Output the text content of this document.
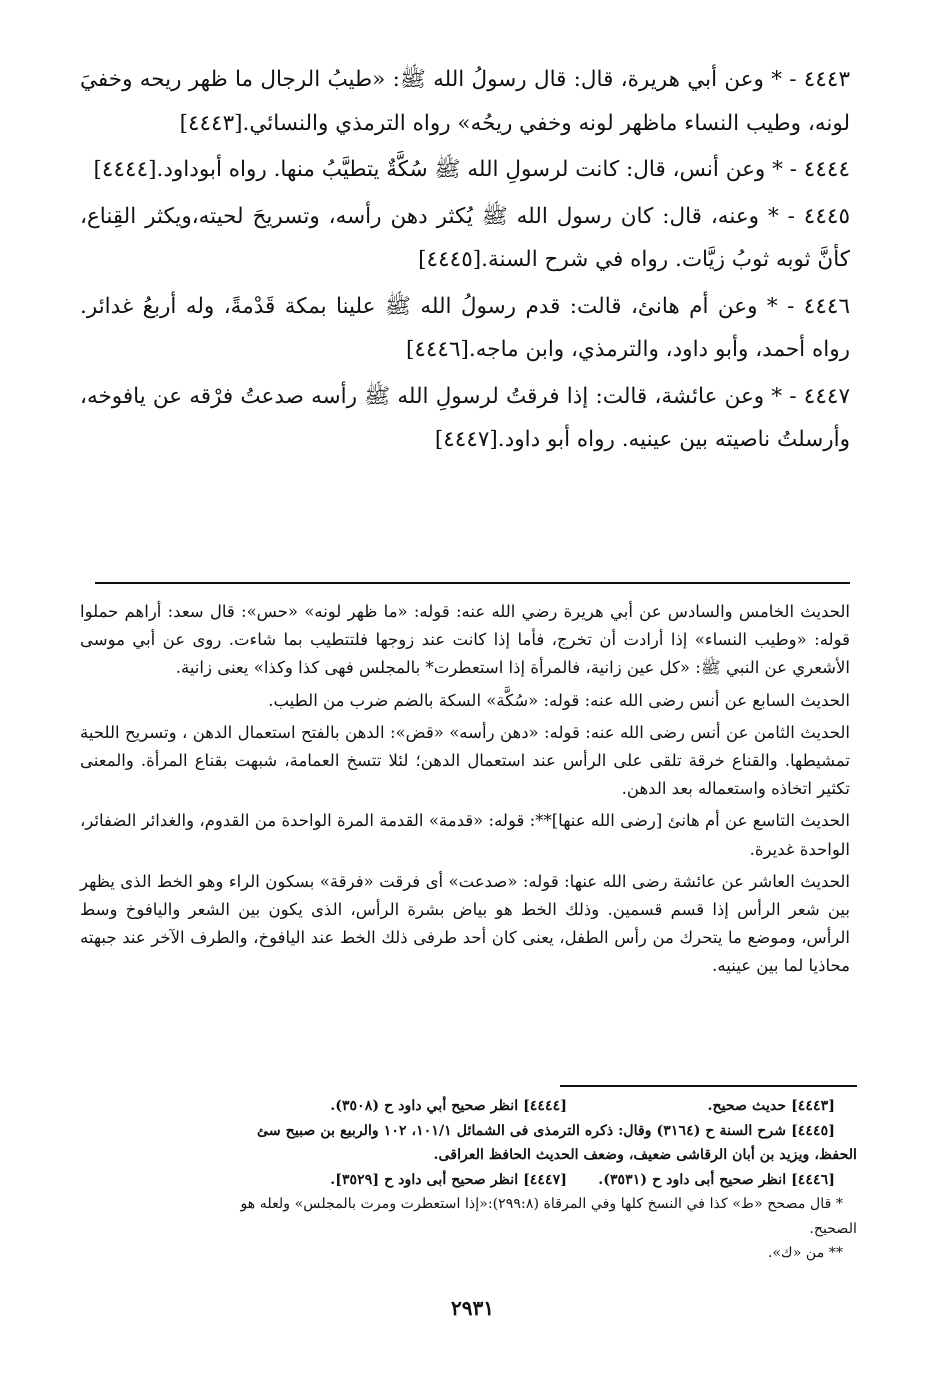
٤٤٤٣ - * وعن أبي هريرة، قال: قال رسولُ الله ﷺ: «طيبُ الرجال ما ظهر ريحه وخفيَ لونه، وطيب النساء ماظهر لونه وخفي ريحُه» رواه الترمذي والنسائي.[٤٤٤٣]

٤٤٤٤ - * وعن أنس، قال: كانت لرسولِ الله ﷺ سُكَّةٌ يتطيَّبُ منها. رواه أبوداود.[٤٤٤٤]

٤٤٤٥ - * وعنه، قال: كان رسول الله ﷺ يُكثر دهن رأسه، وتسريحَ لحيته،ويكثر القِناع، كأنَّ ثوبه ثوبُ زيَّات. رواه في شرح السنة.[٤٤٤٥]

٤٤٤٦ - * وعن أم هانئ، قالت: قدم رسولُ الله ﷺ علينا بمكة قَدْمةً، وله أربعُ غدائر. رواه أحمد، وأبو داود، والترمذي، وابن ماجه.[٤٤٤٦]

٤٤٤٧ - * وعن عائشة، قالت: إذا فرقتُ لرسولِ الله ﷺ رأسه صدعتُ فرْقه عن يافوخه، وأرسلتُ ناصيته بين عينيه. رواه أبو داود.[٤٤٤٧]

الحديث الخامس والسادس عن أبي هريرة رضي الله عنه: قوله: «ما ظهر لونه» «حس»: قال سعد: أراهم حملوا قوله: «وطيب النساء» إذا أرادت أن تخرج، فأما إذا كانت عند زوجها فلتتطيب بما شاءت. روى عن أبي موسى الأشعري عن النبي ﷺ: «كل عين زانية، فالمرأة إذا استعطرت* بالمجلس فهى كذا وكذا» يعنى زانية.

الحديث السابع عن أنس رضى الله عنه: قوله: «سُكَّة» السكة بالضم ضرب من الطيب.

الحديث الثامن عن أنس رضى الله عنه: قوله: «دهن رأسه» «قض»: الدهن بالفتح استعمال الدهن ، وتسريح اللحية تمشيطها. والقناع خرقة تلقى على الرأس عند استعمال الدهن؛ لئلا تتسخ العمامة، شبهت بقناع المرأة. والمعنى تكثير اتخاذه واستعماله بعد الدهن.

الحديث التاسع عن أم هانئ [رضى الله عنها]**: قوله: «قدمة» القدمة المرة الواحدة من القدوم، والغدائر الضفائر، الواحدة غديرة.

الحديث العاشر عن عائشة رضى الله عنها: قوله: «صدعت» أى فرقت «فرقة» بسكون الراء وهو الخط الذى يظهر بين شعر الرأس إذا قسم قسمين. وذلك الخط هو بياض بشرة الرأس، الذى يكون بين الشعر واليافوخ وسط الرأس، وموضع ما يتحرك من رأس الطفل، يعنى كان أحد طرفى ذلك الخط عند اليافوخ، والطرف الآخر عند جبهته محاذيا لما بين عينيه.

[٤٤٤٣] حديث صحيح.
[٤٤٤٤] انظر صحيح أبي داود ح (٣٥٠٨).
[٤٤٤٥] شرح السنة ح (٣١٦٤) وقال: ذكره الترمذى فى الشمائل ١٠١/١، ١٠٢ والربيع بن صبيح سئ
الحفظ، ويزيد بن أبان الرقاشى ضعيف، وضعف الحديث الحافظ العراقى.
[٤٤٤٦] انظر صحيح أبى داود ح (٣٥٣١).
[٤٤٤٧] انظر صحيح أبى داود ح [٣٥٢٩].
* قال مصحح «ط» كذا في النسخ كلها وفي المرقاة (٢٩٩:٨):«إذا استعطرت ومرت بالمجلس» ولعله هو
الصحيح.
** من «ك».
٢٩٣١
